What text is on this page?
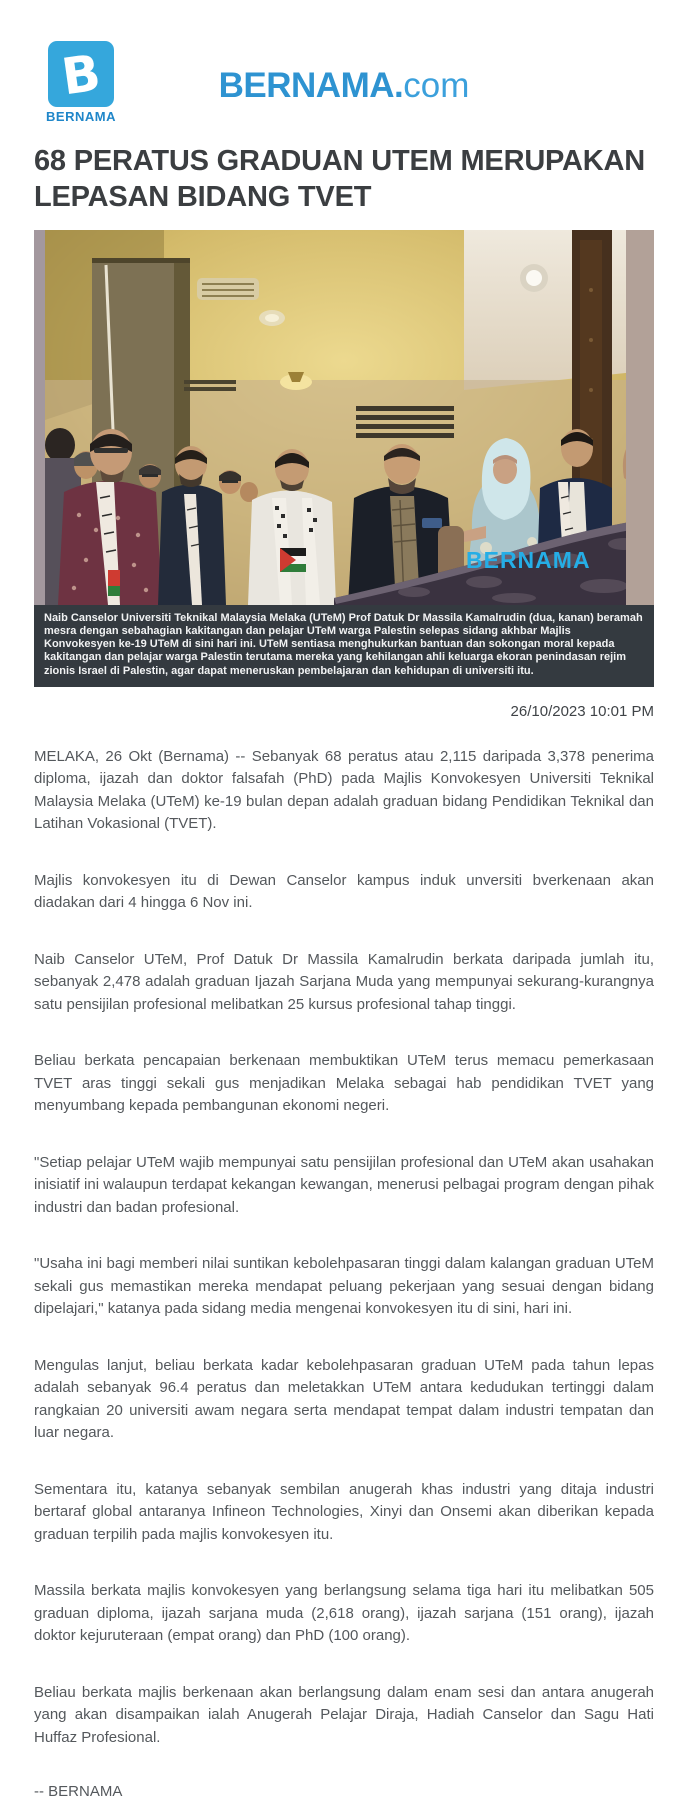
B
BERNAMA
BERNAMA.com
68 PERATUS GRADUAN UTEM MERUPAKAN LEPASAN BIDANG TVET
BERNAMA
Naib Canselor Universiti Teknikal Malaysia Melaka (UTeM) Prof Datuk Dr Massila Kamalrudin (dua, kanan) beramah mesra dengan sebahagian kakitangan dan pelajar UTeM warga Palestin selepas sidang akhbar Majlis Konvokesyen ke-19 UTeM di sini hari ini. UTeM sentiasa menghukurkan bantuan dan sokongan moral kepada kakitangan dan pelajar warga Palestin terutama mereka yang kehilangan ahli keluarga ekoran penindasan rejim zionis Israel di Palestin, agar dapat meneruskan pembelajaran dan kehidupan di universiti itu.
26/10/2023 10:01 PM

MELAKA, 26 Okt (Bernama) -- Sebanyak 68 peratus atau 2,115 daripada 3,378 penerima diploma, ijazah dan doktor falsafah (PhD) pada Majlis Konvokesyen Universiti Teknikal Malaysia Melaka (UTeM) ke-19 bulan depan adalah graduan bidang Pendidikan Teknikal dan Latihan Vokasional (TVET).

Majlis konvokesyen itu di Dewan Canselor kampus induk unversiti bverkenaan akan diadakan dari 4 hingga 6 Nov ini.

Naib Canselor UTeM, Prof Datuk Dr Massila Kamalrudin berkata daripada jumlah itu, sebanyak 2,478 adalah graduan Ijazah Sarjana Muda yang mempunyai sekurang-kurangnya satu pensijilan profesional melibatkan 25 kursus profesional tahap tinggi.

Beliau berkata pencapaian berkenaan membuktikan UTeM terus memacu pemerkasaan TVET aras tinggi sekali gus menjadikan Melaka sebagai hab pendidikan TVET yang menyumbang kepada pembangunan ekonomi negeri.

"Setiap pelajar UTeM wajib mempunyai satu pensijilan profesional dan UTeM akan usahakan inisiatif ini walaupun terdapat kekangan kewangan, menerusi pelbagai program dengan pihak industri dan badan profesional.

"Usaha ini bagi memberi nilai suntikan kebolehpasaran tinggi dalam kalangan graduan UTeM sekali gus memastikan mereka mendapat peluang pekerjaan yang sesuai dengan bidang dipelajari," katanya pada sidang media mengenai konvokesyen itu di sini, hari ini.

Mengulas lanjut, beliau berkata kadar kebolehpasaran graduan UTeM pada tahun lepas adalah sebanyak 96.4 peratus dan meletakkan UTeM antara kedudukan tertinggi dalam rangkaian 20 universiti awam negara serta mendapat tempat dalam industri tempatan dan luar negara.

Sementara itu, katanya sebanyak sembilan anugerah khas industri yang ditaja industri bertaraf global antaranya Infineon Technologies, Xinyi dan Onsemi akan diberikan kepada graduan terpilih pada majlis konvokesyen itu.

Massila berkata majlis konvokesyen yang berlangsung selama tiga hari itu melibatkan 505 graduan diploma, ijazah sarjana muda (2,618 orang), ijazah sarjana (151 orang), ijazah doktor kejuruteraan (empat orang) dan PhD (100 orang).

Beliau berkata majlis berkenaan akan berlangsung dalam enam sesi dan antara anugerah yang akan disampaikan ialah Anugerah Pelajar Diraja, Hadiah Canselor dan Sagu Hati Huffaz Profesional.

-- BERNAMA
